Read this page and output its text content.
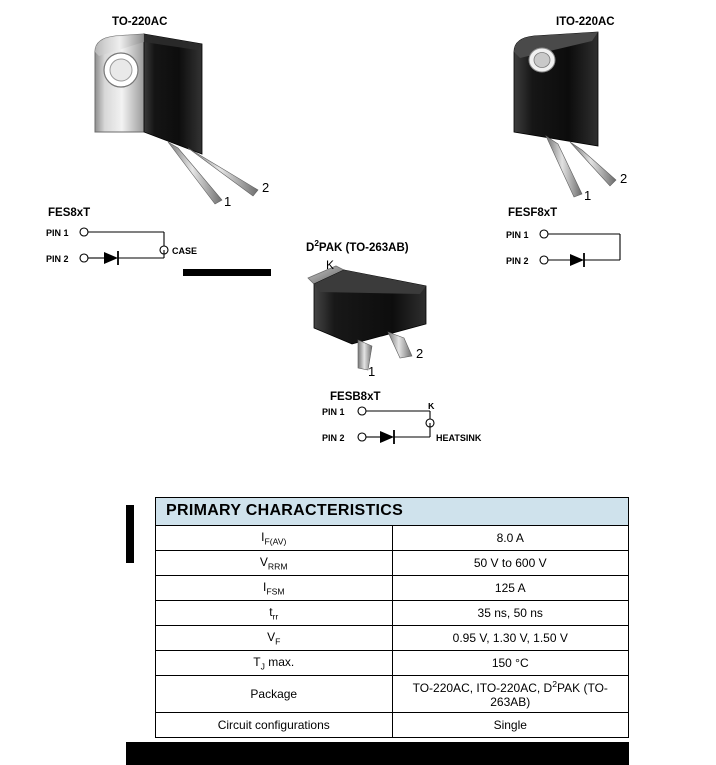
TO-220AC
1
2
ITO-220AC
1
2
$D^2PAK$ (TO-263AB)
1
2
K
FES8xT
PIN 1
CASE
PIN 2
FESF8xT
PIN 1
PIN 2
FESB8xT
PIN 1
K
PIN 2	HEATSINK
PRIMARY CHARACTERISTICS	
$I_{F(AV)}$	8.0 A
$V_{RRM}$	50 V to 600 V
$I_{FSM}$	125 A
$t_{rr}$	35 ns, 50 ns
$V_F$	0.95 V, 1.30 V, 1.50 V
$T_J$ max.	150 °C
Package	TO-220AC, ITO-220AC, $D^2PAK$ (TO-263AB)
Circuit configurations	Single
